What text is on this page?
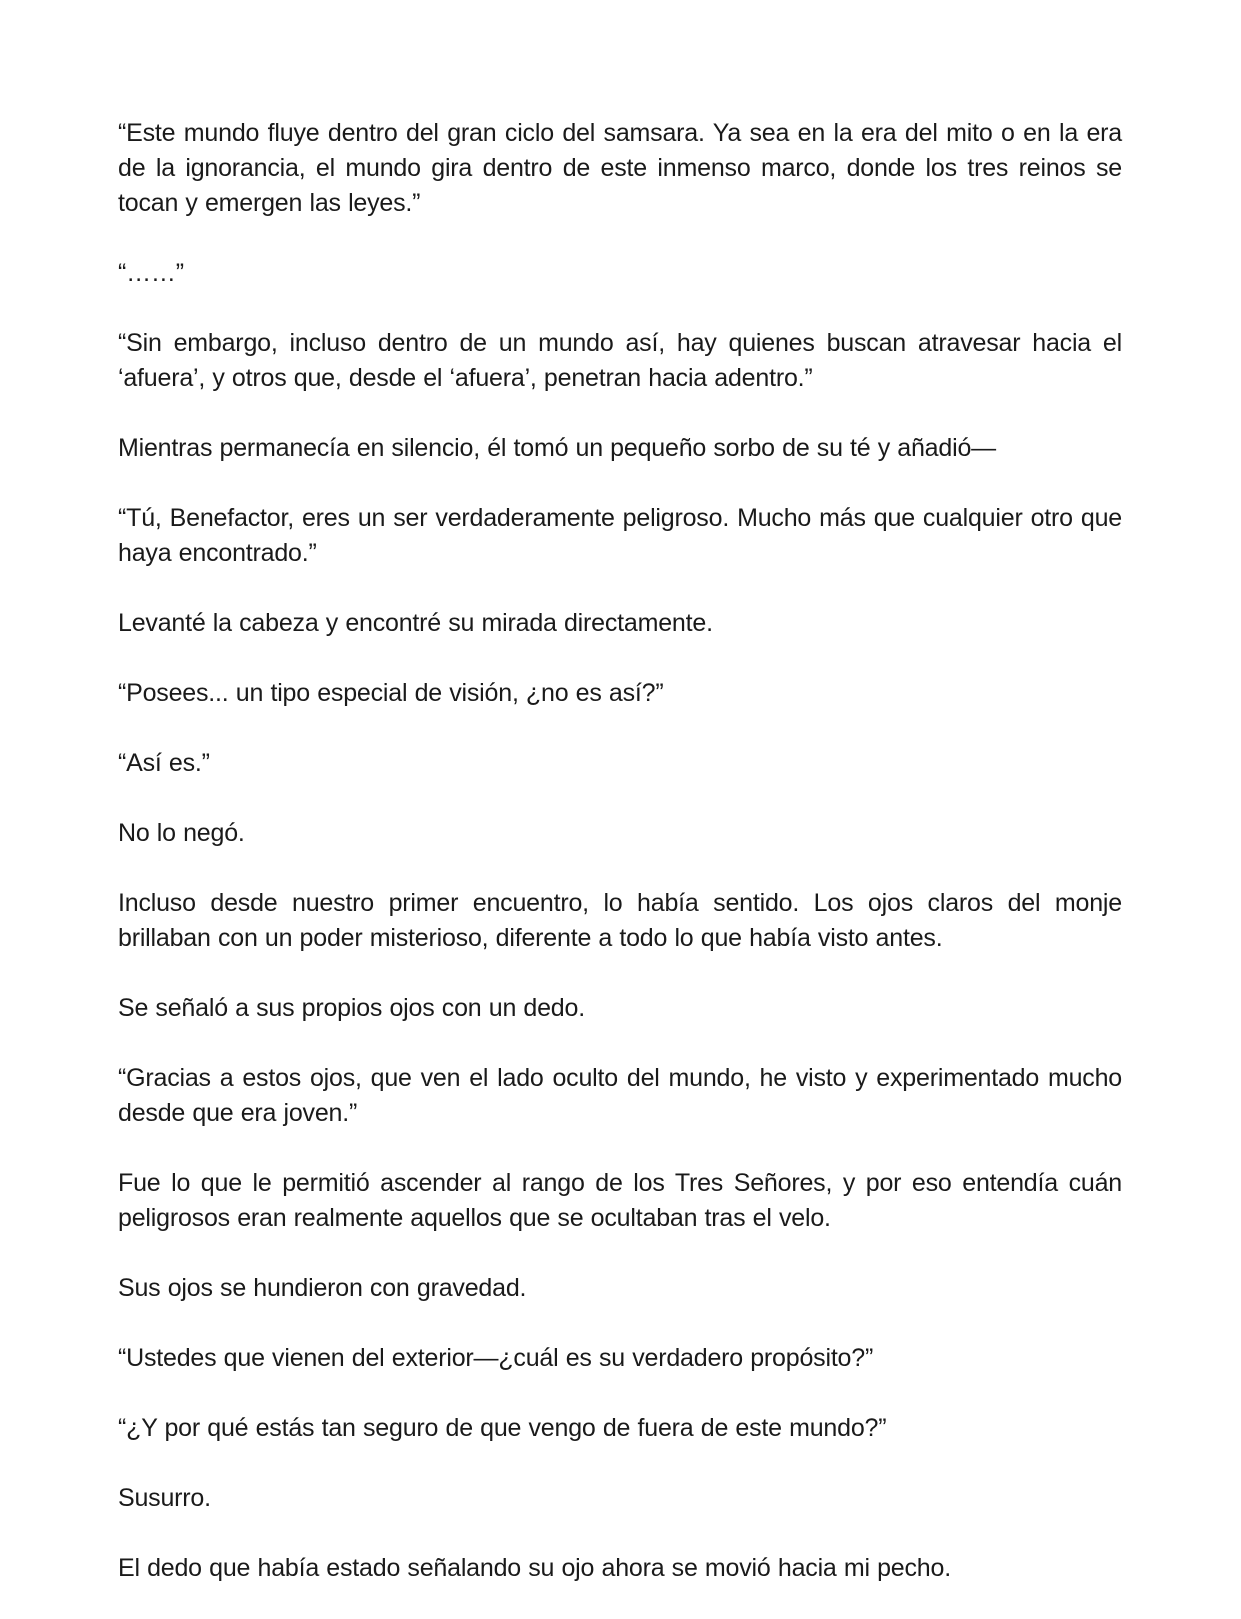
“Este mundo fluye dentro del gran ciclo del samsara. Ya sea en la era del mito o en la era de la ignorancia, el mundo gira dentro de este inmenso marco, donde los tres reinos se tocan y emergen las leyes.”

“……”

“Sin embargo, incluso dentro de un mundo así, hay quienes buscan atravesar hacia el ‘afuera’, y otros que, desde el ‘afuera’, penetran hacia adentro.”

Mientras permanecía en silencio, él tomó un pequeño sorbo de su té y añadió—

“Tú, Benefactor, eres un ser verdaderamente peligroso. Mucho más que cualquier otro que haya encontrado.”

Levanté la cabeza y encontré su mirada directamente.

“Posees... un tipo especial de visión, ¿no es así?”

“Así es.”

No lo negó.

Incluso desde nuestro primer encuentro, lo había sentido. Los ojos claros del monje brillaban con un poder misterioso, diferente a todo lo que había visto antes.

Se señaló a sus propios ojos con un dedo.

“Gracias a estos ojos, que ven el lado oculto del mundo, he visto y experimentado mucho desde que era joven.”

Fue lo que le permitió ascender al rango de los Tres Señores, y por eso entendía cuán peligrosos eran realmente aquellos que se ocultaban tras el velo.

Sus ojos se hundieron con gravedad.

“Ustedes que vienen del exterior—¿cuál es su verdadero propósito?”

“¿Y por qué estás tan seguro de que vengo de fuera de este mundo?”

Susurro.

El dedo que había estado señalando su ojo ahora se movió hacia mi pecho.
